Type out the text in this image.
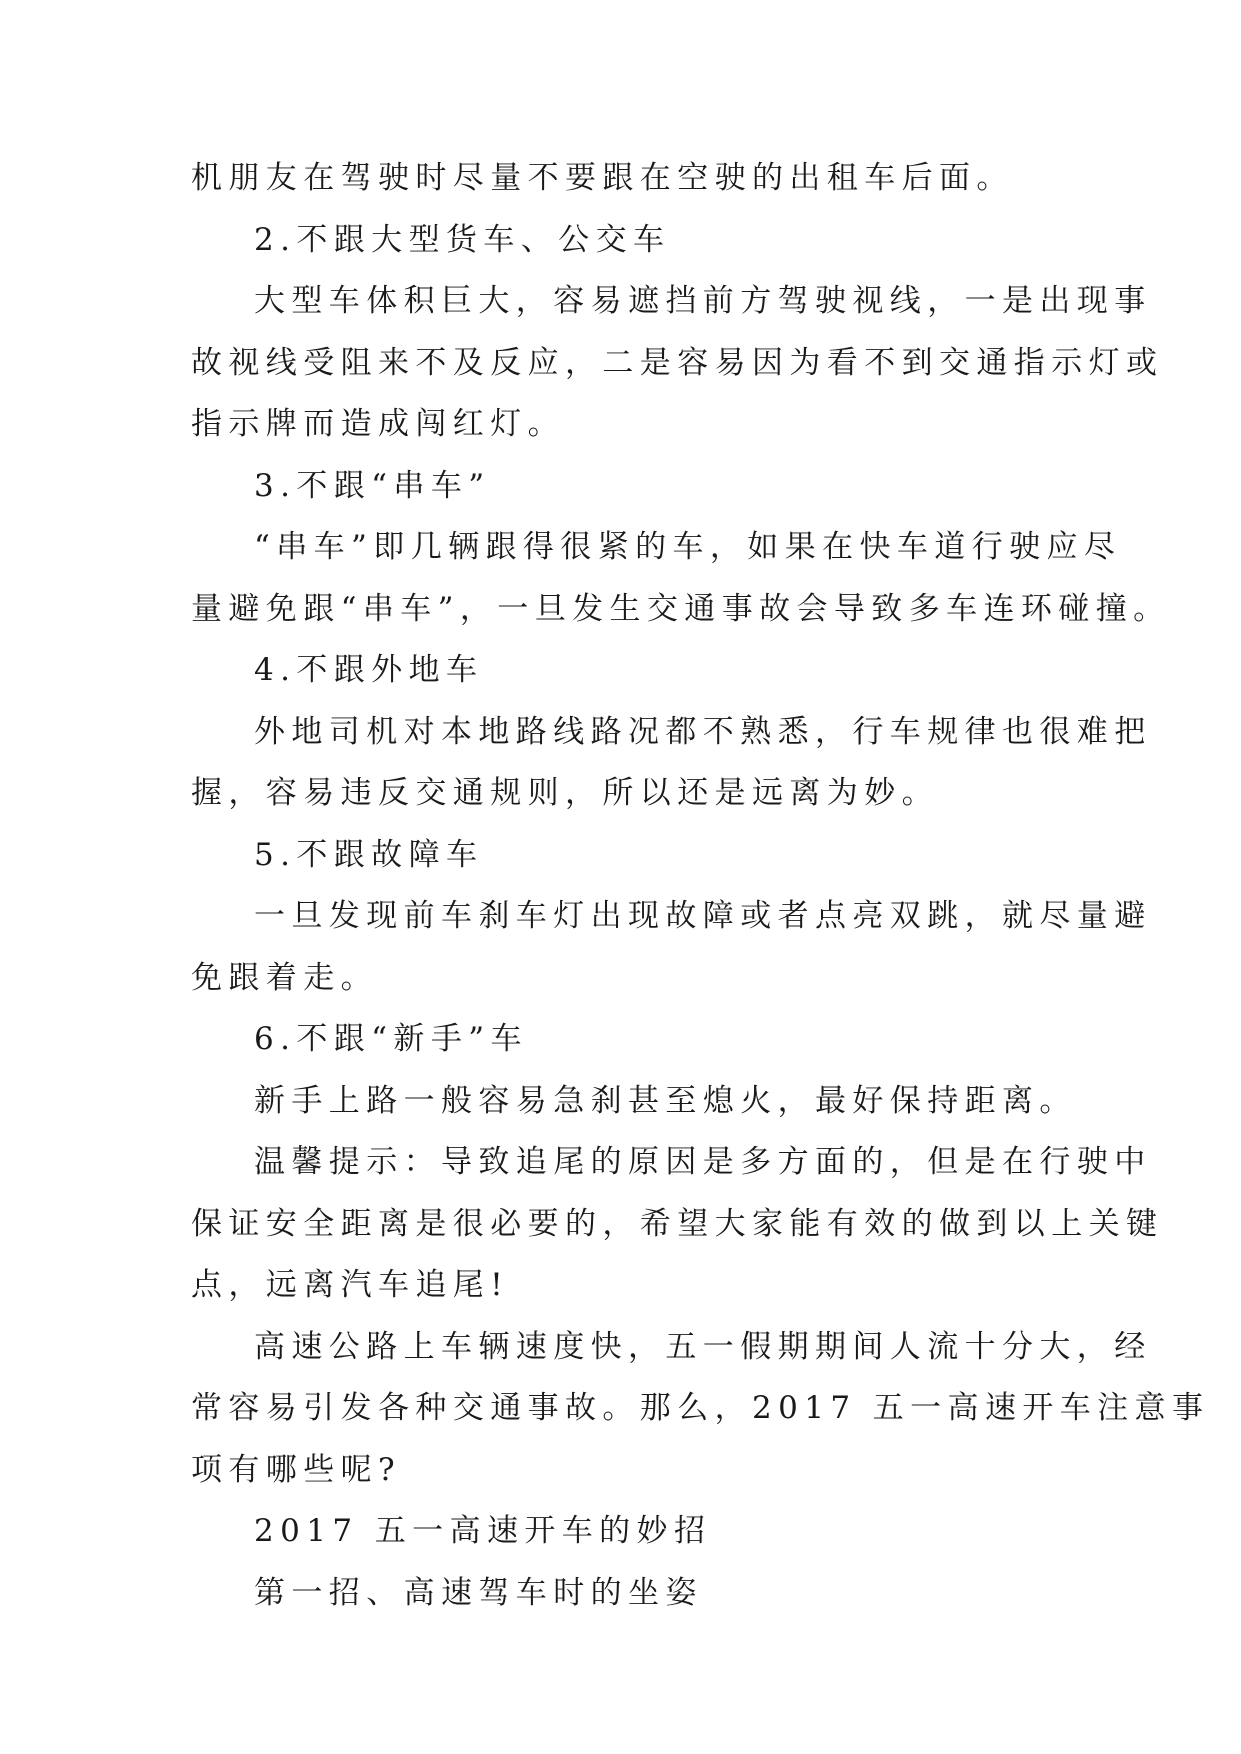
机朋友在驾驶时尽量不要跟在空驶的出租车后面。
2.不跟大型货车、公交车
大型车体积巨大，容易遮挡前方驾驶视线，一是出现事
故视线受阻来不及反应，二是容易因为看不到交通指示灯或
指示牌而造成闯红灯。
3.不跟“串车”
“串车”即几辆跟得很紧的车，如果在快车道行驶应尽
量避免跟“串车”，一旦发生交通事故会导致多车连环碰撞。
4.不跟外地车
外地司机对本地路线路况都不熟悉，行车规律也很难把
握，容易违反交通规则，所以还是远离为妙。
5.不跟故障车
一旦发现前车刹车灯出现故障或者点亮双跳，就尽量避
免跟着走。
6.不跟“新手”车
新手上路一般容易急刹甚至熄火，最好保持距离。
温馨提示：导致追尾的原因是多方面的，但是在行驶中
保证安全距离是很必要的，希望大家能有效的做到以上关键
点，远离汽车追尾!
高速公路上车辆速度快，五一假期期间人流十分大，经
常容易引发各种交通事故。那么，2017 五一高速开车注意事
项有哪些呢?
2017 五一高速开车的妙招
第一招、高速驾车时的坐姿
